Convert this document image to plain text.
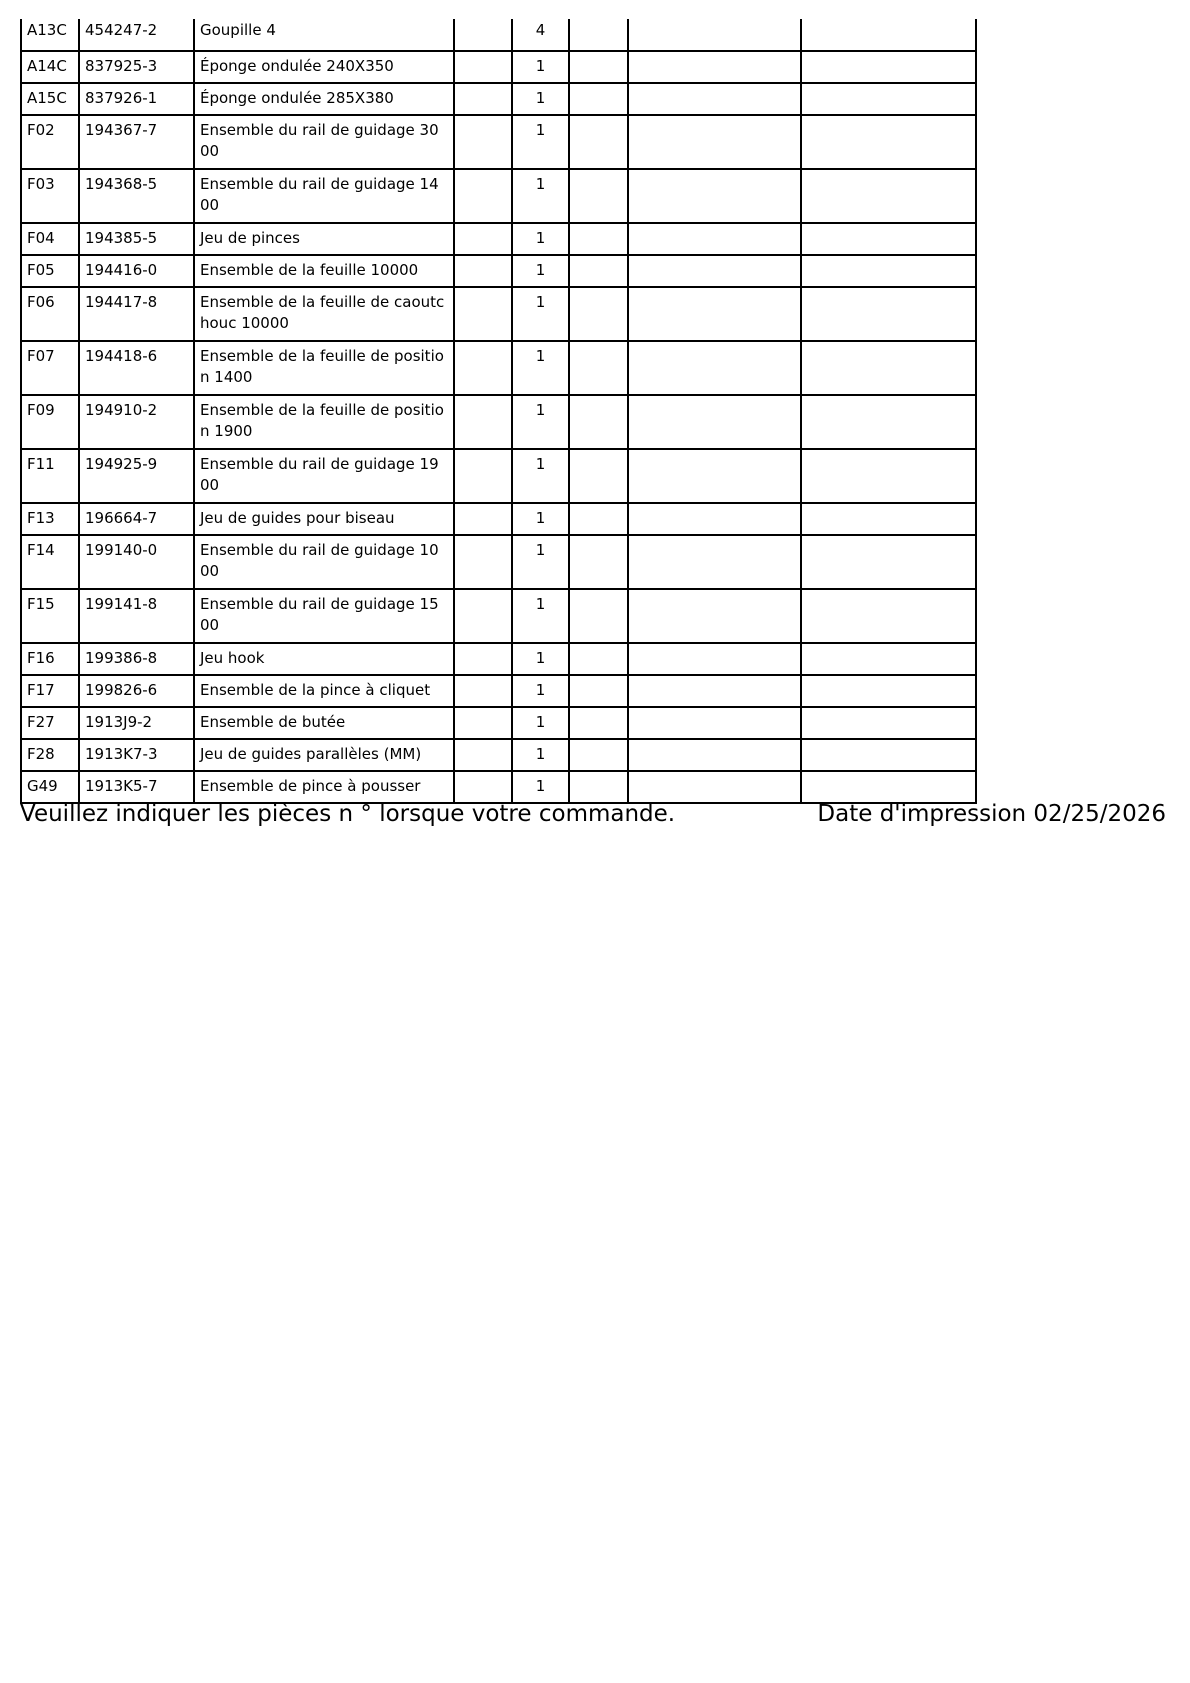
A13C	454247-2	Goupille 4		4			
A14C	837925-3	Éponge ondulée 240X350		1			
A15C	837926-1	Éponge ondulée 285X380		1			
F02	194367-7	Ensemble du rail de guidage 3000		1			
F03	194368-5	Ensemble du rail de guidage 1400		1			
F04	194385-5	Jeu de pinces		1			
F05	194416-0	Ensemble de la feuille 10000		1			
F06	194417-8	Ensemble de la feuille de caoutchouc 10000		1			
F07	194418-6	Ensemble de la feuille de position 1400		1			
F09	194910-2	Ensemble de la feuille de position 1900		1			
F11	194925-9	Ensemble du rail de guidage 1900		1			
F13	196664-7	Jeu de guides pour biseau		1			
F14	199140-0	Ensemble du rail de guidage 1000		1			
F15	199141-8	Ensemble du rail de guidage 1500		1			
F16	199386-8	Jeu hook		1			
F17	199826-6	Ensemble de la pince à cliquet		1			
F27	1913J9-2	Ensemble de butée		1			
F28	1913K7-3	Jeu de guides parallèles (MM)		1			
G49	1913K5-7	Ensemble de pince à pousser		1			
Veuillez indiquer les pièces n ° lorsque votre commande.	Date d'impression 02/25/2026
